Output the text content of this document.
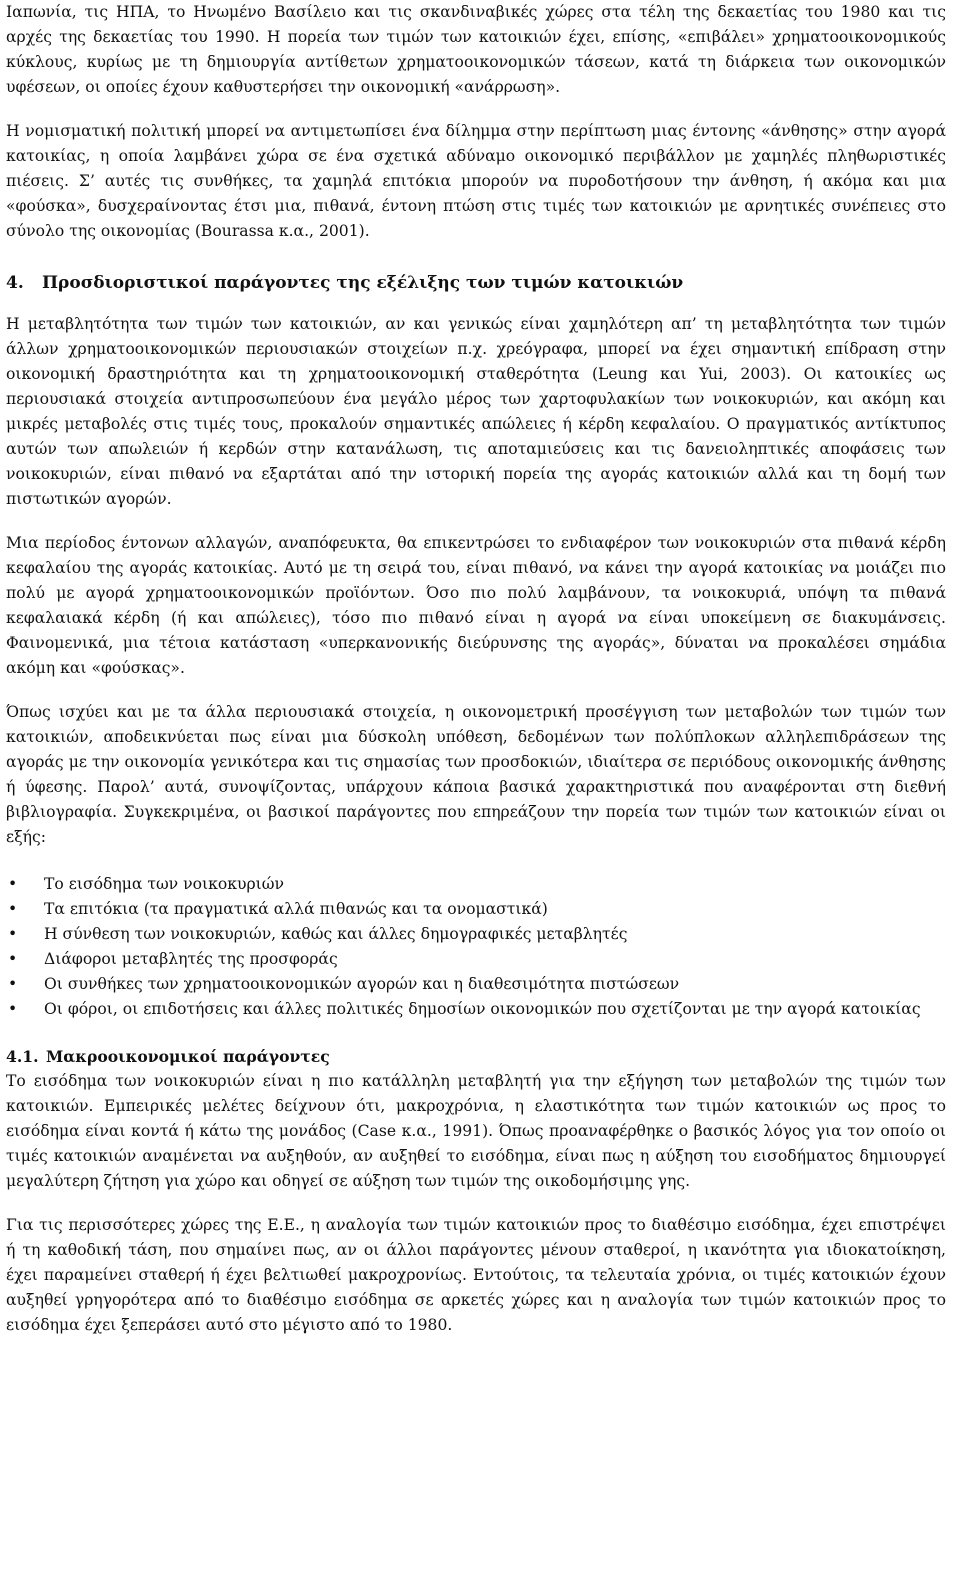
Ιαπωνία, τις ΗΠΑ, το Ηνωμένο Βασίλειο και τις σκανδιναβικές χώρες στα τέλη της δεκαετίας του 1980 και τις αρχές της δεκαετίας του 1990. Η πορεία των τιμών των κατοικιών έχει, επίσης, «επιβάλει» χρηματοοικονομικούς κύκλους, κυρίως με τη δημιουργία αντίθετων χρηματοοικονομικών τάσεων, κατά τη διάρκεια των οικονομικών υφέσεων, οι οποίες έχουν καθυστερήσει την οικονομική «ανάρρωση».

Η νομισματική πολιτική μπορεί να αντιμετωπίσει ένα δίλημμα στην περίπτωση μιας έντονης «άνθησης» στην αγορά κατοικίας, η οποία λαμβάνει χώρα σε ένα σχετικά αδύναμο οικονομικό περιβάλλον με χαμηλές πληθωριστικές πιέσεις. Σ’ αυτές τις συνθήκες, τα χαμηλά επιτόκια μπορούν να πυροδοτήσουν την άνθηση, ή ακόμα και μια «φούσκα», δυσχεραίνοντας έτσι μια, πιθανά, έντονη πτώση στις τιμές των κατοικιών με αρνητικές συνέπειες στο σύνολο της οικονομίας (Bourassa κ.α., 2001).

4. Προσδιοριστικοί παράγοντες της εξέλιξης των τιμών κατοικιών

Η μεταβλητότητα των τιμών των κατοικιών, αν και γενικώς είναι χαμηλότερη απ’ τη μεταβλητότητα των τιμών άλλων χρηματοοικονομικών περιουσιακών στοιχείων π.χ. χρεόγραφα, μπορεί να έχει σημαντική επίδραση στην οικονομική δραστηριότητα και τη χρηματοοικονομική σταθερότητα (Leung και Yui, 2003). Οι κατοικίες ως περιουσιακά στοιχεία αντιπροσωπεύουν ένα μεγάλο μέρος των χαρτοφυλακίων των νοικοκυριών, και ακόμη και μικρές μεταβολές στις τιμές τους, προκαλούν σημαντικές απώλειες ή κέρδη κεφαλαίου. Ο πραγματικός αντίκτυπος αυτών των απωλειών ή κερδών στην κατανάλωση, τις αποταμιεύσεις και τις δανειοληπτικές αποφάσεις των νοικοκυριών, είναι πιθανό να εξαρτάται από την ιστορική πορεία της αγοράς κατοικιών αλλά και τη δομή των πιστωτικών αγορών.

Μια περίοδος έντονων αλλαγών, αναπόφευκτα, θα επικεντρώσει το ενδιαφέρον των νοικοκυριών στα πιθανά κέρδη κεφαλαίου της αγοράς κατοικίας. Αυτό με τη σειρά του, είναι πιθανό, να κάνει την αγορά κατοικίας να μοιάζει πιο πολύ με αγορά χρηματοοικονομικών προϊόντων. Όσο πιο πολύ λαμβάνουν, τα νοικοκυριά, υπόψη τα πιθανά κεφαλαιακά κέρδη (ή και απώλειες), τόσο πιο πιθανό είναι η αγορά να είναι υποκείμενη σε διακυμάνσεις. Φαινομενικά, μια τέτοια κατάσταση «υπερκανονικής διεύρυνσης της αγοράς», δύναται να προκαλέσει σημάδια ακόμη και «φούσκας».

Όπως ισχύει και με τα άλλα περιουσιακά στοιχεία, η οικονομετρική προσέγγιση των μεταβολών των τιμών των κατοικιών, αποδεικνύεται πως είναι μια δύσκολη υπόθεση, δεδομένων των πολύπλοκων αλληλεπιδράσεων της αγοράς με την οικονομία γενικότερα και τις σημασίας των προσδοκιών, ιδιαίτερα σε περιόδους οικονομικής άνθησης ή ύφεσης. Παρολ’ αυτά, συνοψίζοντας, υπάρχουν κάποια βασικά χαρακτηριστικά που αναφέρονται στη διεθνή βιβλιογραφία. Συγκεκριμένα, οι βασικοί παράγοντες που επηρεάζουν την πορεία των τιμών των κατοικιών είναι οι εξής:

• Το εισόδημα των νοικοκυριών
• Τα επιτόκια (τα πραγματικά αλλά πιθανώς και τα ονομαστικά)
• Η σύνθεση των νοικοκυριών, καθώς και άλλες δημογραφικές μεταβλητές
• Διάφοροι μεταβλητές της προσφοράς
• Οι συνθήκες των χρηματοοικονομικών αγορών και η διαθεσιμότητα πιστώσεων
• Οι φόροι, οι επιδοτήσεις και άλλες πολιτικές δημοσίων οικονομικών που σχετίζονται με την αγορά κατοικίας
4.1. Μακροοικονομικοί παράγοντες

Το εισόδημα των νοικοκυριών είναι η πιο κατάλληλη μεταβλητή για την εξήγηση των μεταβολών της τιμών των κατοικιών. Εμπειρικές μελέτες δείχνουν ότι, μακροχρόνια, η ελαστικότητα των τιμών κατοικιών ως προς το εισόδημα είναι κοντά ή κάτω της μονάδος (Case κ.α., 1991). Όπως προαναφέρθηκε ο βασικός λόγος για τον οποίο οι τιμές κατοικιών αναμένεται να αυξηθούν, αν αυξηθεί το εισόδημα, είναι πως η αύξηση του εισοδήματος δημιουργεί μεγαλύτερη ζήτηση για χώρο και οδηγεί σε αύξηση των τιμών της οικοδομήσιμης γης.

Για τις περισσότερες χώρες της Ε.Ε., η αναλογία των τιμών κατοικιών προς το διαθέσιμο εισόδημα, έχει επιστρέψει ή τη καθοδική τάση, που σημαίνει πως, αν οι άλλοι παράγοντες μένουν σταθεροί, η ικανότητα για ιδιοκατοίκηση, έχει παραμείνει σταθερή ή έχει βελτιωθεί μακροχρονίως. Εντούτοις, τα τελευταία χρόνια, οι τιμές κατοικιών έχουν αυξηθεί γρηγορότερα από το διαθέσιμο εισόδημα σε αρκετές χώρες και η αναλογία των τιμών κατοικιών προς το εισόδημα έχει ξεπεράσει αυτό στο μέγιστο από το 1980.
